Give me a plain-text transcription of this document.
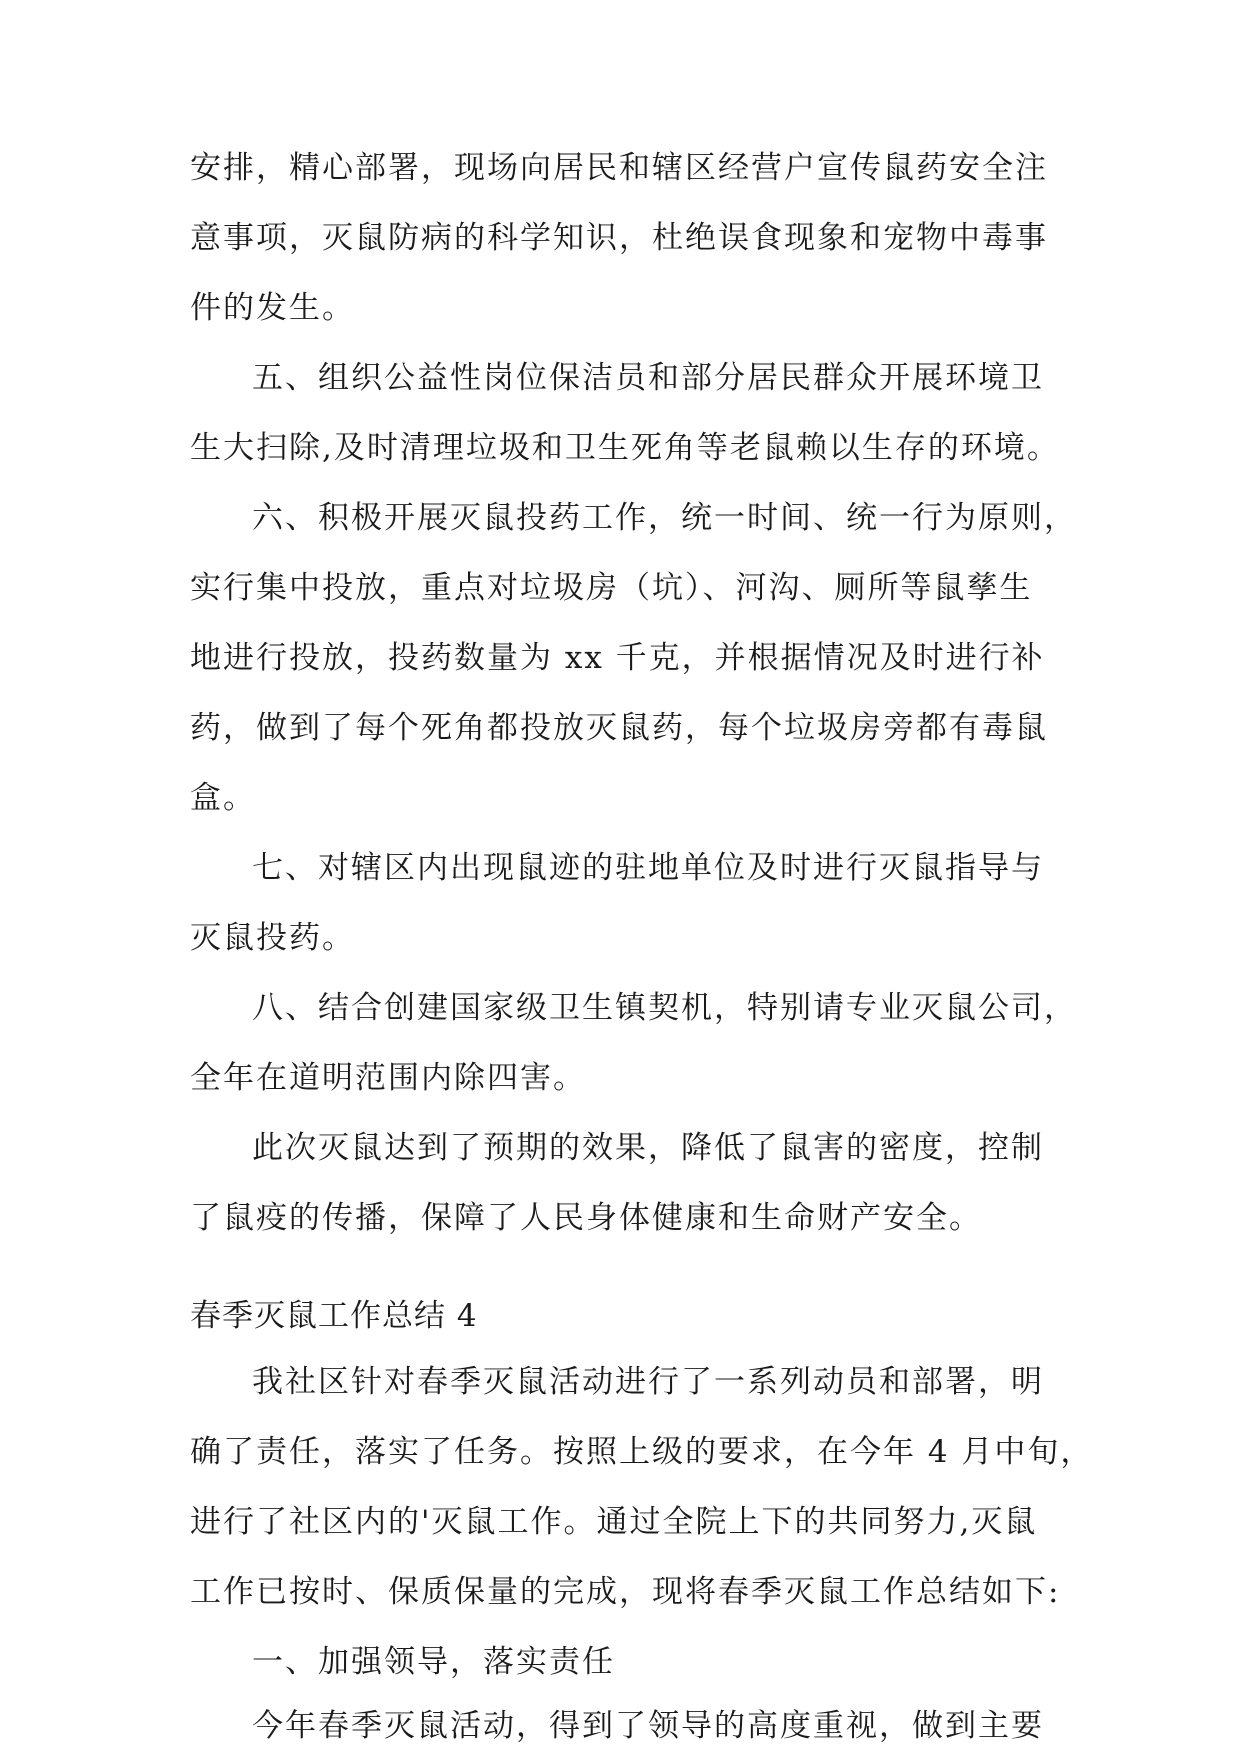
安排，精心部署，现场向居民和辖区经营户宣传鼠药安全注
意事项，灭鼠防病的科学知识，杜绝误食现象和宠物中毒事
件的发生。
五、组织公益性岗位保洁员和部分居民群众开展环境卫
生大扫除,及时清理垃圾和卫生死角等老鼠赖以生存的环境。
六、积极开展灭鼠投药工作，统一时间、统一行为原则，
实行集中投放，重点对垃圾房（坑）、河沟、厕所等鼠孳生
地进行投放，投药数量为 xx 千克，并根据情况及时进行补
药，做到了每个死角都投放灭鼠药，每个垃圾房旁都有毒鼠
盒。
七、对辖区内出现鼠迹的驻地单位及时进行灭鼠指导与
灭鼠投药。
八、结合创建国家级卫生镇契机，特别请专业灭鼠公司，
全年在道明范围内除四害。
此次灭鼠达到了预期的效果，降低了鼠害的密度，控制
了鼠疫的传播，保障了人民身体健康和生命财产安全。
春季灭鼠工作总结 4
我社区针对春季灭鼠活动进行了一系列动员和部署，明
确了责任，落实了任务。按照上级的要求，在今年 4 月中旬，
进行了社区内的'灭鼠工作。通过全院上下的共同努力,灭鼠
工作已按时、保质保量的完成，现将春季灭鼠工作总结如下:
一、加强领导，落实责任
今年春季灭鼠活动，得到了领导的高度重视，做到主要
